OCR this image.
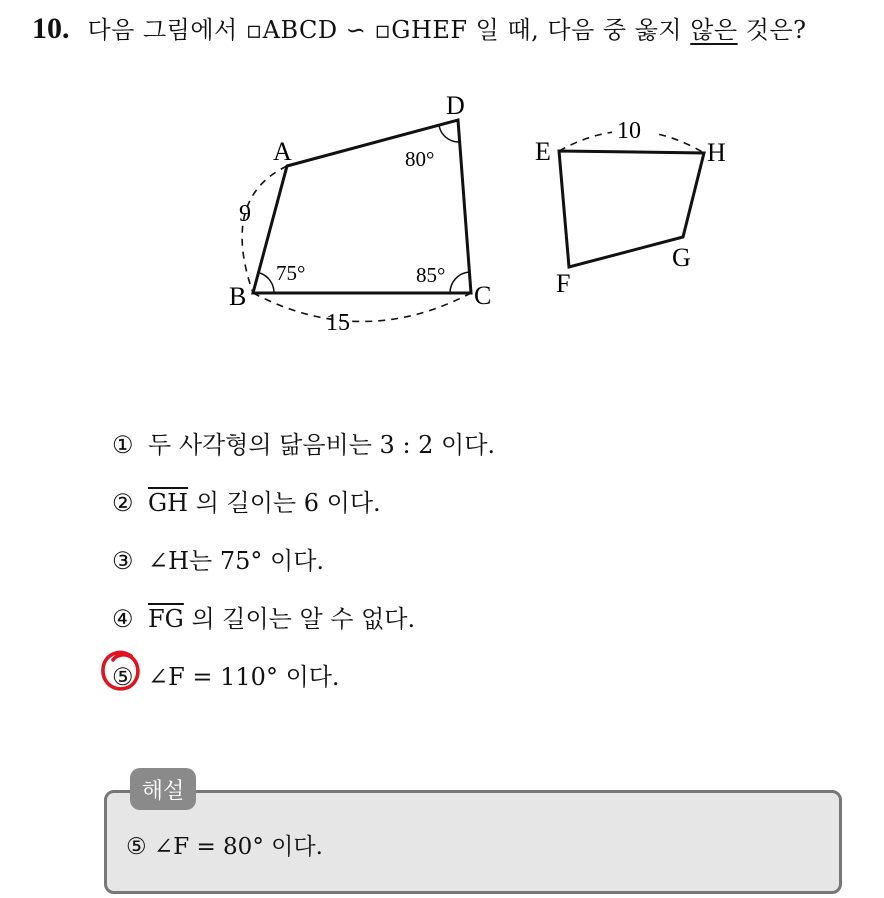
10. 다음 그림에서 ▫ABCD ∽ ▫GHEF 일 때, 다음 중 옳지 않은 것은?
A
B	C
D
75°	85°
80°
9
15
10
E	H
G
F
① 두 사각형의 닮음비는 3 : 2 이다.
② $\overline{GH}$ 의 길이는 6 이다.
③ ∠H는 75° 이다.
④ $\overline{FG}$ 의 길이는 알 수 없다.
⑤ ∠F = 110° 이다.
해설
⑤ ∠F = 80° 이다.
